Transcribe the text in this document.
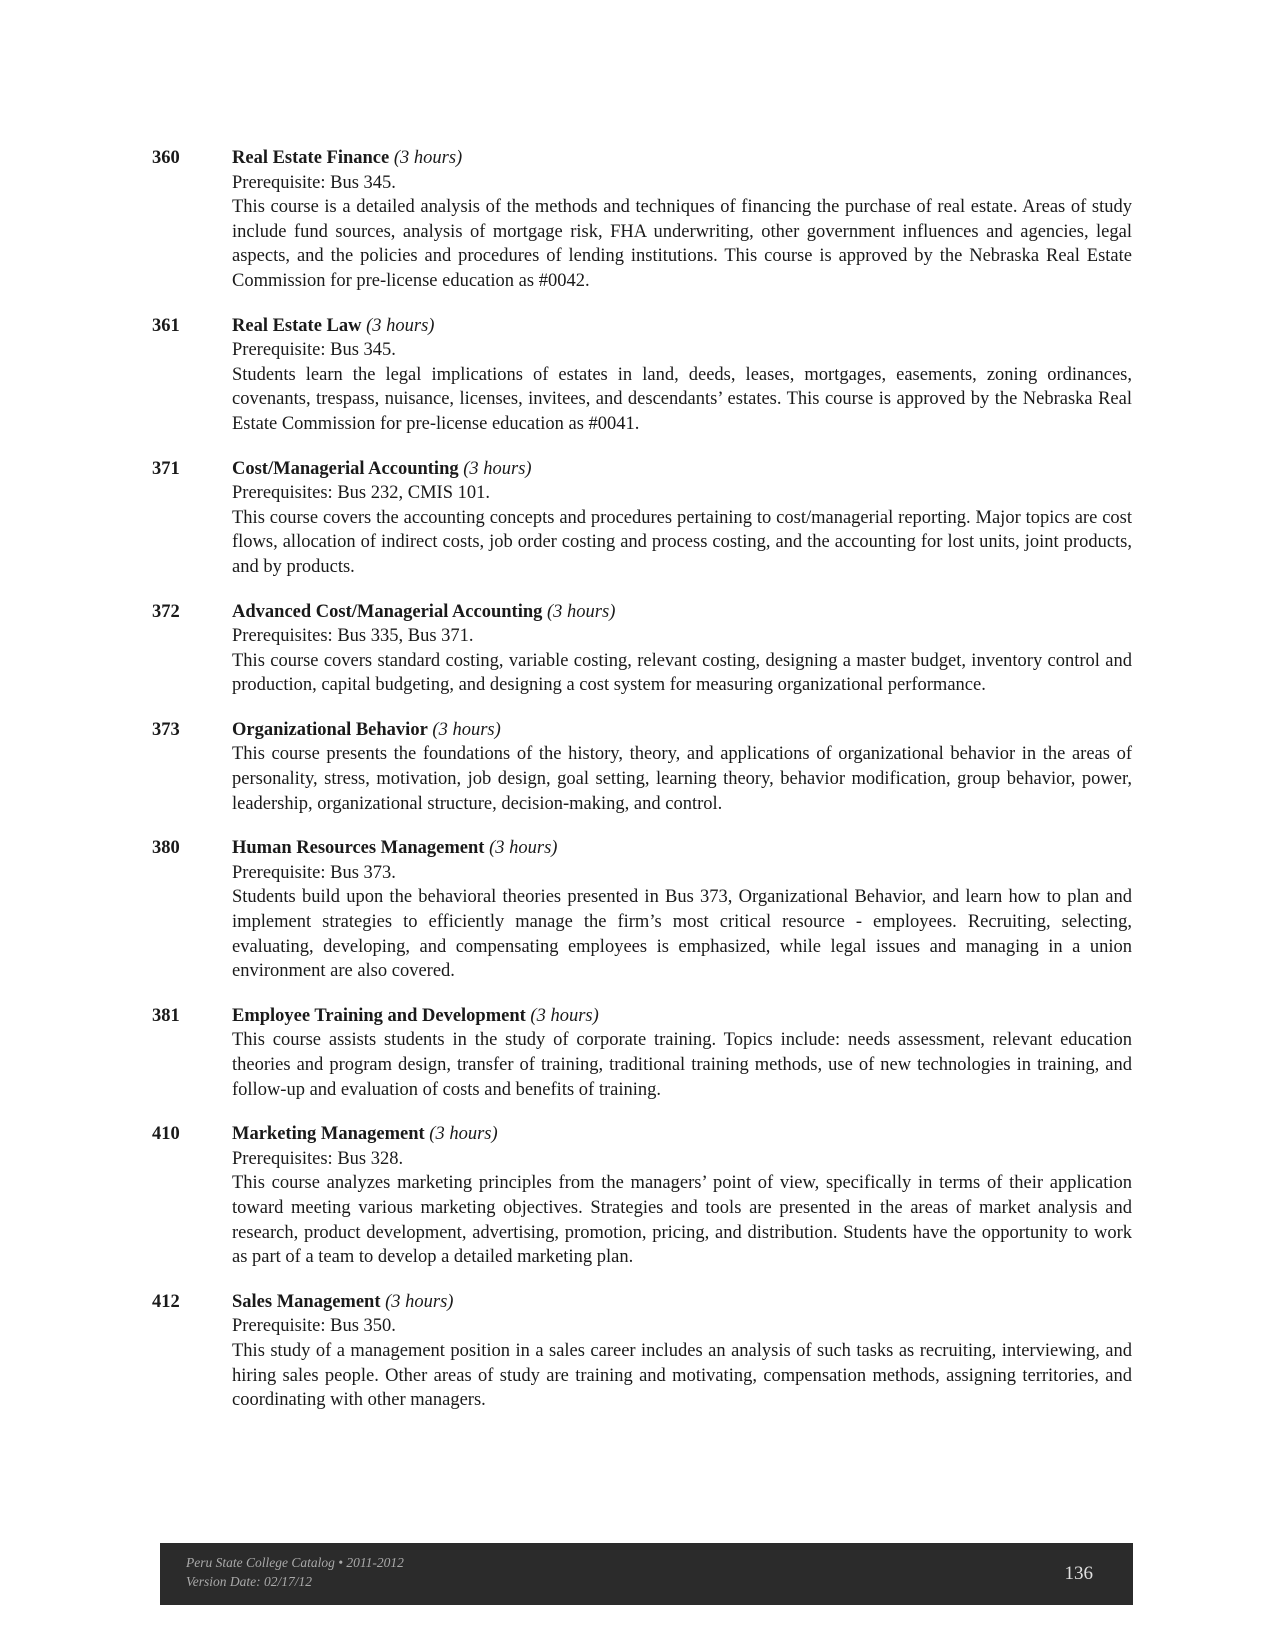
360	Real Estate Finance (3 hours)

Prerequisite: Bus 345.

This course is a detailed analysis of the methods and techniques of financing the purchase of real estate. Areas of study include fund sources, analysis of mortgage risk, FHA underwriting, other government influences and agencies, legal aspects, and the policies and procedures of lending institutions. This course is approved by the Nebraska Real Estate Commission for pre-license education as #0042.

361	Real Estate Law (3 hours)

Prerequisite: Bus 345.

Students learn the legal implications of estates in land, deeds, leases, mortgages, easements, zoning ordinances, covenants, trespass, nuisance, licenses, invitees, and descendants’ estates. This course is approved by the Nebraska Real Estate Commission for pre-license education as #0041.

371	Cost/Managerial Accounting (3 hours)

Prerequisites: Bus 232, CMIS 101.

This course covers the accounting concepts and procedures pertaining to cost/managerial reporting. Major topics are cost flows, allocation of indirect costs, job order costing and process costing, and the accounting for lost units, joint products, and by products.

372	Advanced Cost/Managerial Accounting (3 hours)

Prerequisites: Bus 335, Bus 371.

This course covers standard costing, variable costing, relevant costing, designing a master budget, inventory control and production, capital budgeting, and designing a cost system for measuring organizational performance.

373	Organizational Behavior (3 hours)

This course presents the foundations of the history, theory, and applications of organizational behavior in the areas of personality, stress, motivation, job design, goal setting, learning theory, behavior modification, group behavior, power, leadership, organizational structure, decision-making, and control.

380	Human Resources Management (3 hours)

Prerequisite: Bus 373.

Students build upon the behavioral theories presented in Bus 373, Organizational Behavior, and learn how to plan and implement strategies to efficiently manage the firm’s most critical resource - employees. Recruiting, selecting, evaluating, developing, and compensating employees is emphasized, while legal issues and managing in a union environment are also covered.

381	Employee Training and Development (3 hours)

This course assists students in the study of corporate training. Topics include: needs assessment, relevant education theories and program design, transfer of training, traditional training methods, use of new technologies in training, and follow-up and evaluation of costs and benefits of training.

410	Marketing Management (3 hours)

Prerequisites: Bus 328.

This course analyzes marketing principles from the managers’ point of view, specifically in terms of their application toward meeting various marketing objectives. Strategies and tools are presented in the areas of market analysis and research, product development, advertising, promotion, pricing, and distribution. Students have the opportunity to work as part of a team to develop a detailed marketing plan.

412	Sales Management (3 hours)

Prerequisite: Bus 350.

This study of a management position in a sales career includes an analysis of such tasks as recruiting, interviewing, and hiring sales people. Other areas of study are training and motivating, compensation methods, assigning territories, and coordinating with other managers.

Peru State College Catalog • 2011-2012
Version Date: 02/17/12	136
